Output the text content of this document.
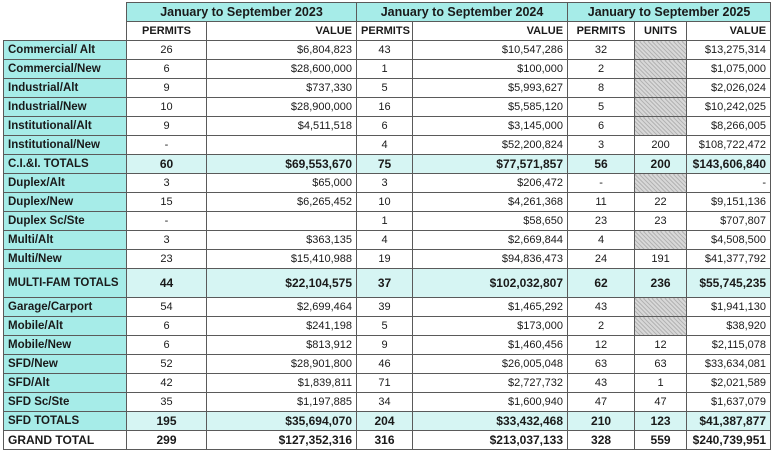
	January to September 2023		January to September 2024		January to September 2025		
	PERMITS	VALUE	PERMITS	VALUE	PERMITS	UNITS	VALUE
Commercial/ Alt	26	$6,804,823	43	$10,547,286	32		$13,275,314
Commercial/New	6	$28,600,000	1	$100,000	2		$1,075,000
Industrial/Alt	9	$737,330	5	$5,993,627	8		$2,026,024
Industrial/New	10	$28,900,000	16	$5,585,120	5		$10,242,025
Institutional/Alt	9	$4,511,518	6	$3,145,000	6		$8,266,005
Institutional/New	-		4	$52,200,824	3	200	$108,722,472
C.I.&I. TOTALS	60	$69,553,670	75	$77,571,857	56	200	$143,606,840
Duplex/Alt	3	$65,000	3	$206,472	-		-
Duplex/New	15	$6,265,452	10	$4,261,368	11	22	$9,151,136
Duplex Sc/Ste	-		1	$58,650	23	23	$707,807
Multi/Alt	3	$363,135	4	$2,669,844	4		$4,508,500
Multi/New	23	$15,410,988	19	$94,836,473	24	191	$41,377,792
MULTI-FAM TOTALS	44	$22,104,575	37	$102,032,807	62	236	$55,745,235
Garage/Carport	54	$2,699,464	39	$1,465,292	43		$1,941,130
Mobile/Alt	6	$241,198	5	$173,000	2		$38,920
Mobile/New	6	$813,912	9	$1,460,456	12	12	$2,115,078
SFD/New	52	$28,901,800	46	$26,005,048	63	63	$33,634,081
SFD/Alt	42	$1,839,811	71	$2,727,732	43	1	$2,021,589
SFD Sc/Ste	35	$1,197,885	34	$1,600,940	47	47	$1,637,079
SFD TOTALS	195	$35,694,070	204	$33,432,468	210	123	$41,387,877
GRAND TOTAL	299	$127,352,316	316	$213,037,133	328	559	$240,739,951
